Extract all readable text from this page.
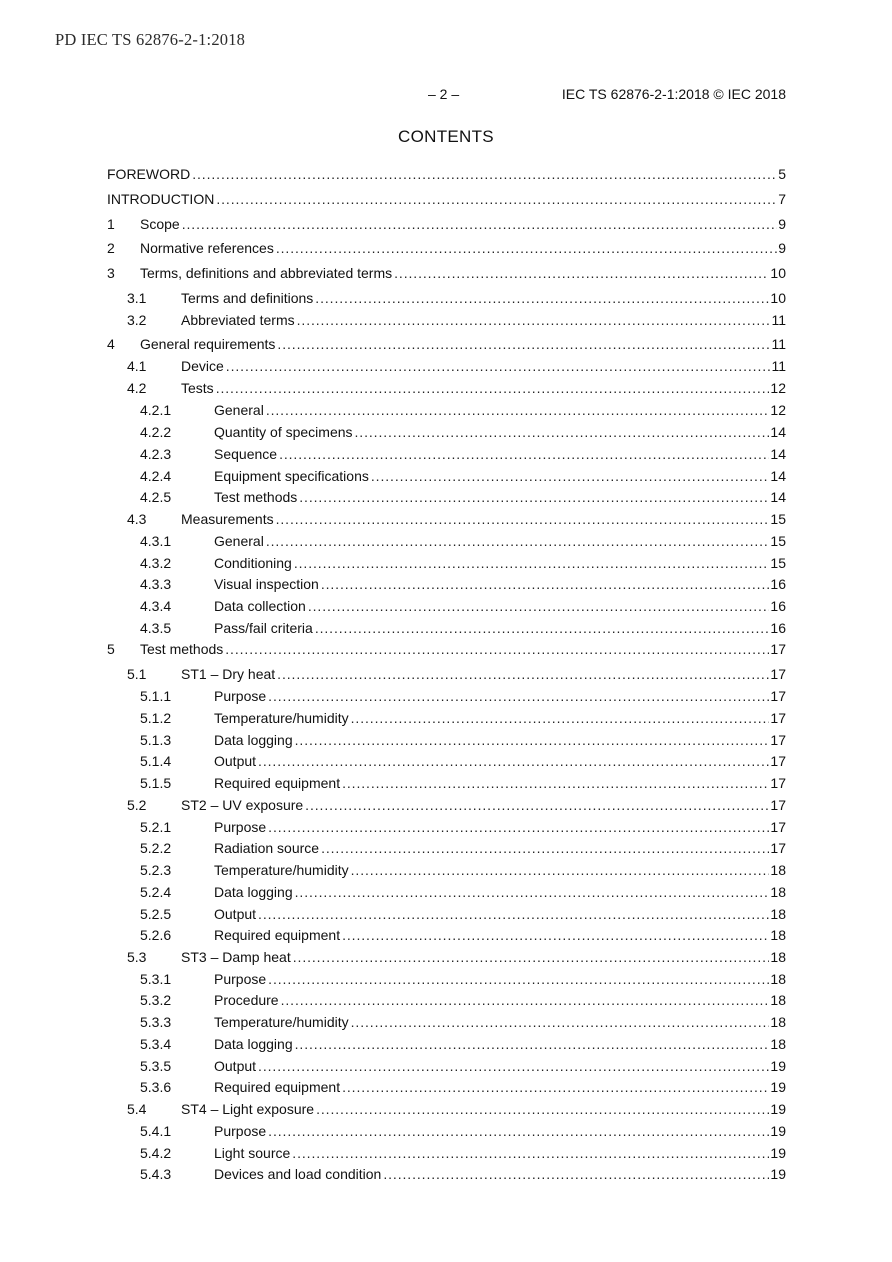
PD IEC TS 62876-2-1:2018
– 2 –	IEC TS 62876-2-1:2018 © IEC 2018
CONTENTS
FOREWORD .....	5
INTRODUCTION .....	7
1	Scope .....	9
2	Normative references .....	9
3	Terms, definitions and abbreviated terms .....	10
3.1	Terms and definitions .....	10
3.2	Abbreviated terms .....	11
4	General requirements .....	11
4.1	Device .....	11
4.2	Tests .....	12
4.2.1	General .....	12
4.2.2	Quantity of specimens .....	14
4.2.3	Sequence .....	14
4.2.4	Equipment specifications .....	14
4.2.5	Test methods .....	14
4.3	Measurements .....	15
4.3.1	General .....	15
4.3.2	Conditioning .....	15
4.3.3	Visual inspection .....	16
4.3.4	Data collection .....	16
4.3.5	Pass/fail criteria .....	16
5	Test methods .....	17
5.1	ST1 – Dry heat .....	17
5.1.1	Purpose .....	17
5.1.2	Temperature/humidity .....	17
5.1.3	Data logging .....	17
5.1.4	Output .....	17
5.1.5	Required equipment .....	17
5.2	ST2 – UV exposure .....	17
5.2.1	Purpose .....	17
5.2.2	Radiation source .....	17
5.2.3	Temperature/humidity .....	18
5.2.4	Data logging .....	18
5.2.5	Output .....	18
5.2.6	Required equipment .....	18
5.3	ST3 – Damp heat .....	18
5.3.1	Purpose .....	18
5.3.2	Procedure .....	18
5.3.3	Temperature/humidity .....	18
5.3.4	Data logging .....	18
5.3.5	Output .....	19
5.3.6	Required equipment .....	19
5.4	ST4 – Light exposure .....	19
5.4.1	Purpose .....	19
5.4.2	Light source .....	19
5.4.3	Devices and load condition .....	19
